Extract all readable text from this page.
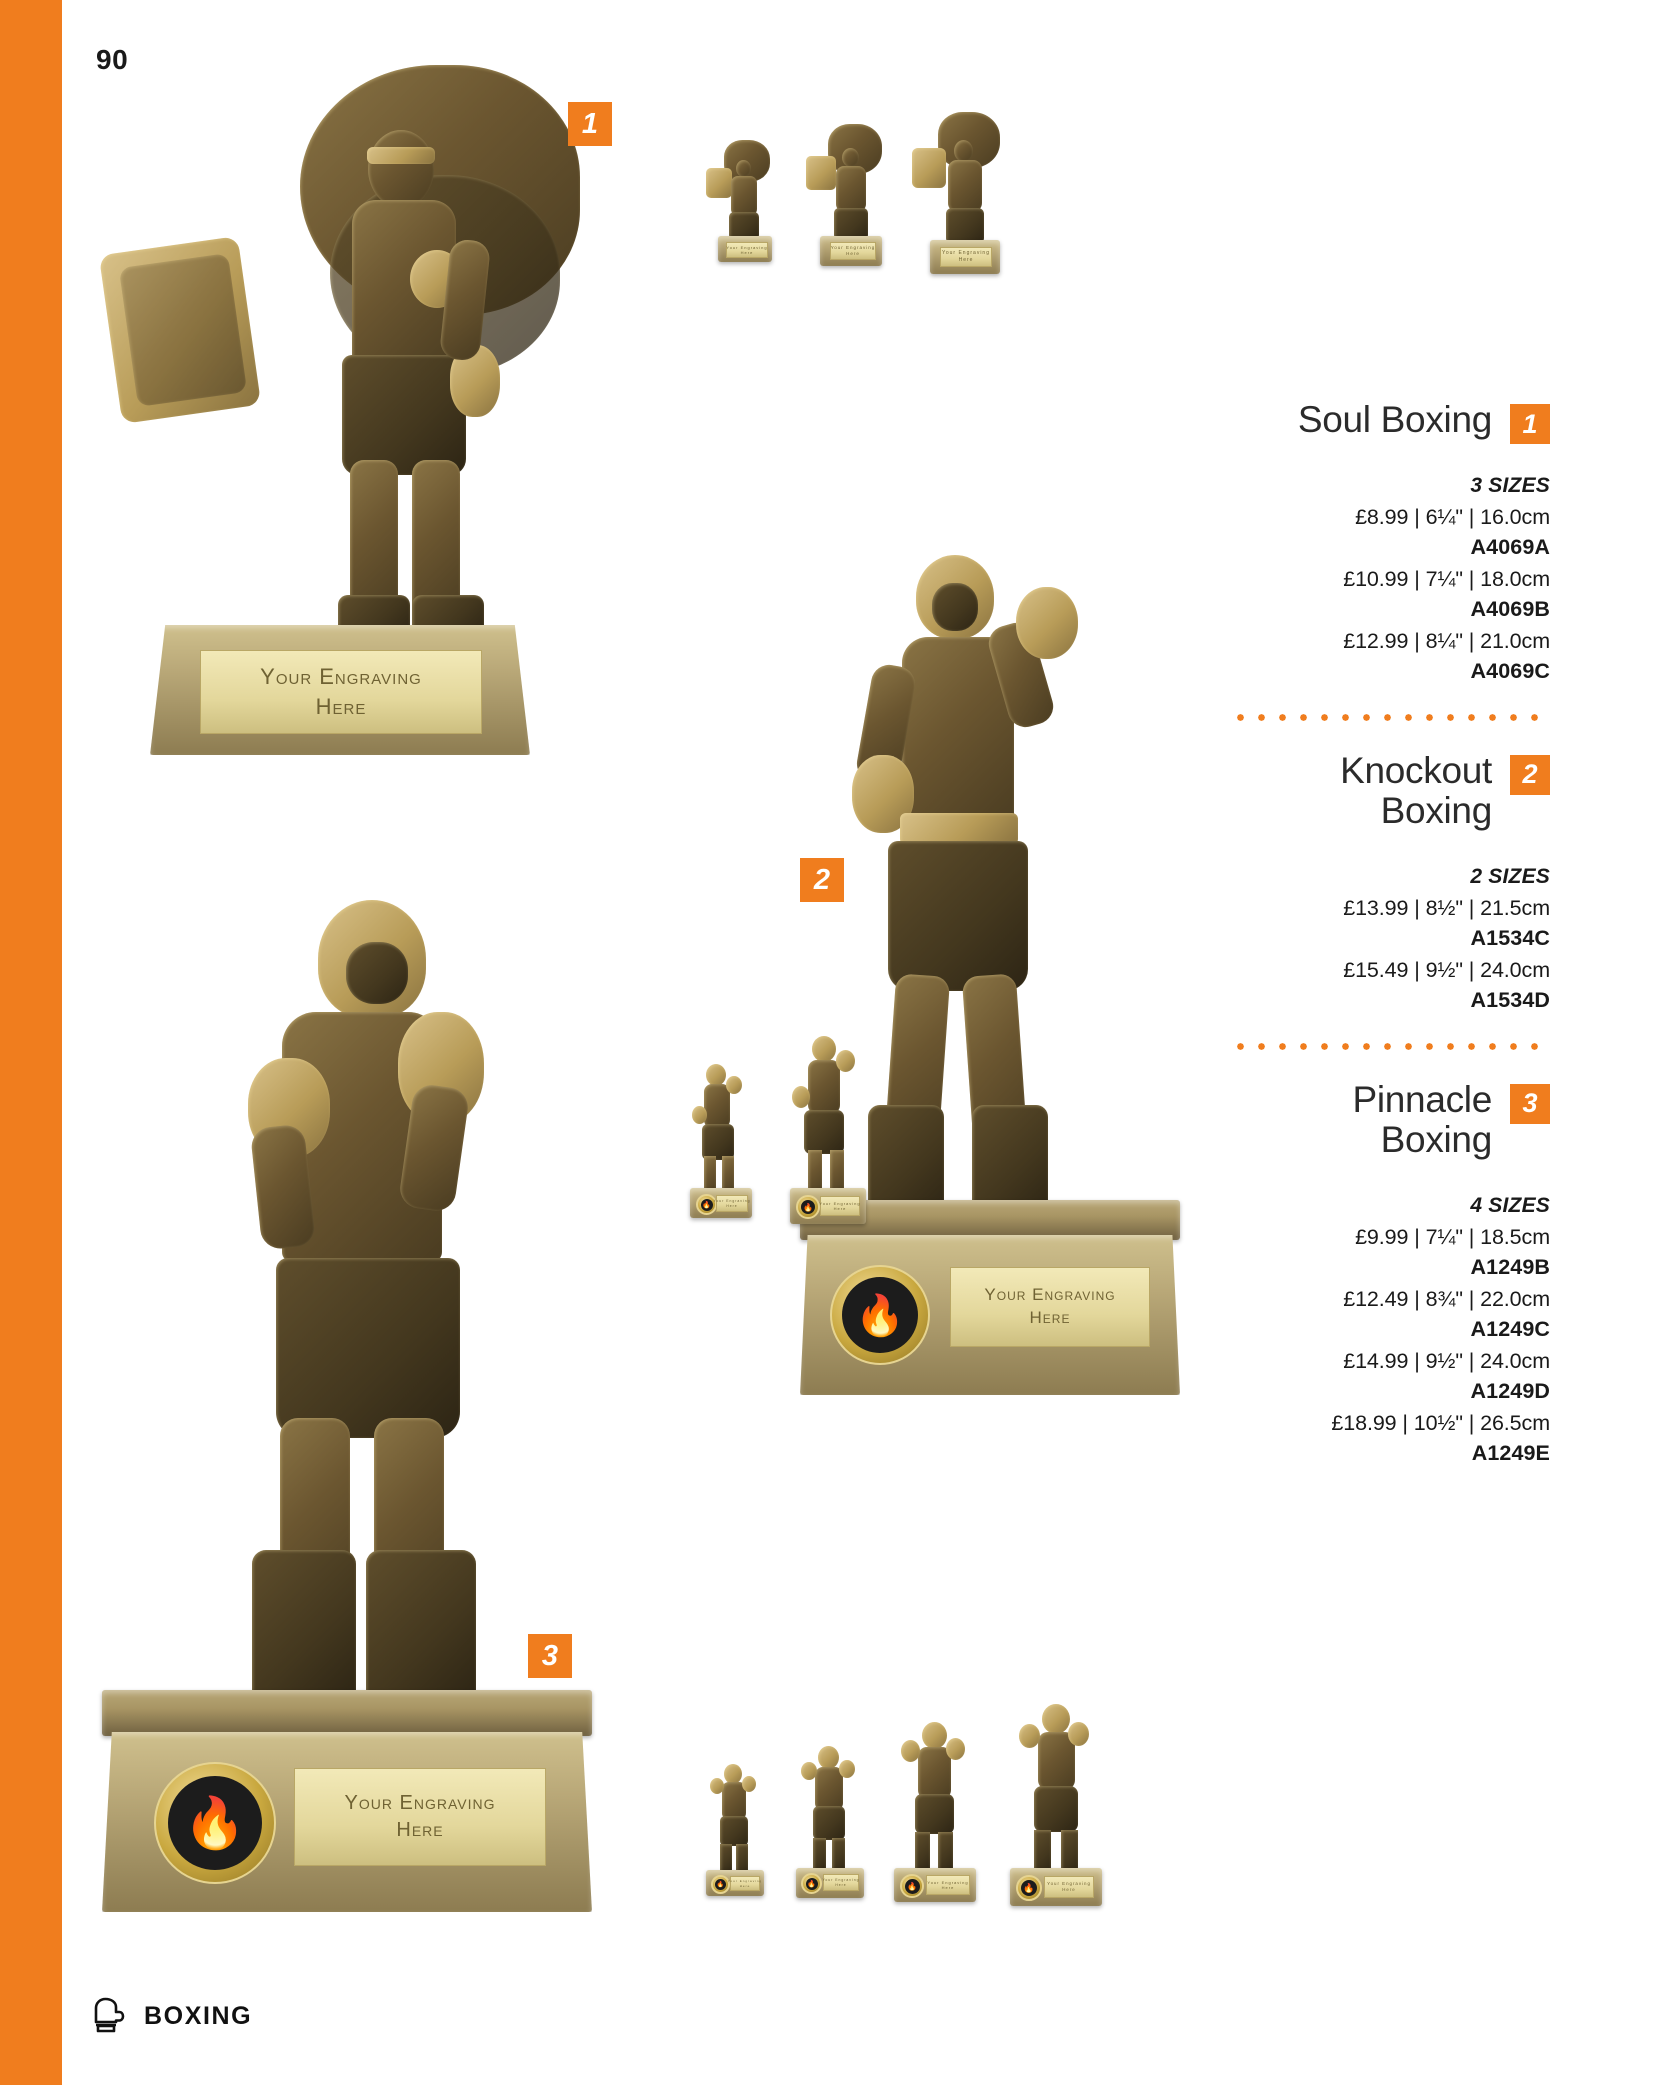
90
Your Engraving
Here
1
Your Engraving
Here
Your Engraving
Here	Your Engraving
Here
🔥	Your Engraving
Here
2
🔥
Your Engraving
Here	🔥	Your Engraving
Here
🔥	Your Engraving
Here
3
🔥
Your Engraving
Here	🔥
Your Engraving
Here	🔥	Your Engraving
Here	🔥	Your Engraving
Here
1
Soul Boxing
3 SIZES
£8.99 | 6¼" | 16.0cm
A4069A
£10.99 | 7¼" | 18.0cm
A4069B
£12.99 | 8¼" | 21.0cm
A4069C
2
Knockout
Boxing
2 SIZES
£13.99 | 8½" | 21.5cm
A1534C
£15.49 | 9½" | 24.0cm
A1534D
3
Pinnacle
Boxing
4 SIZES
£9.99 | 7¼" | 18.5cm
A1249B
£12.49 | 8¾" | 22.0cm
A1249C
£14.99 | 9½" | 24.0cm
A1249D
£18.99 | 10½" | 26.5cm
A1249E
BOXING
